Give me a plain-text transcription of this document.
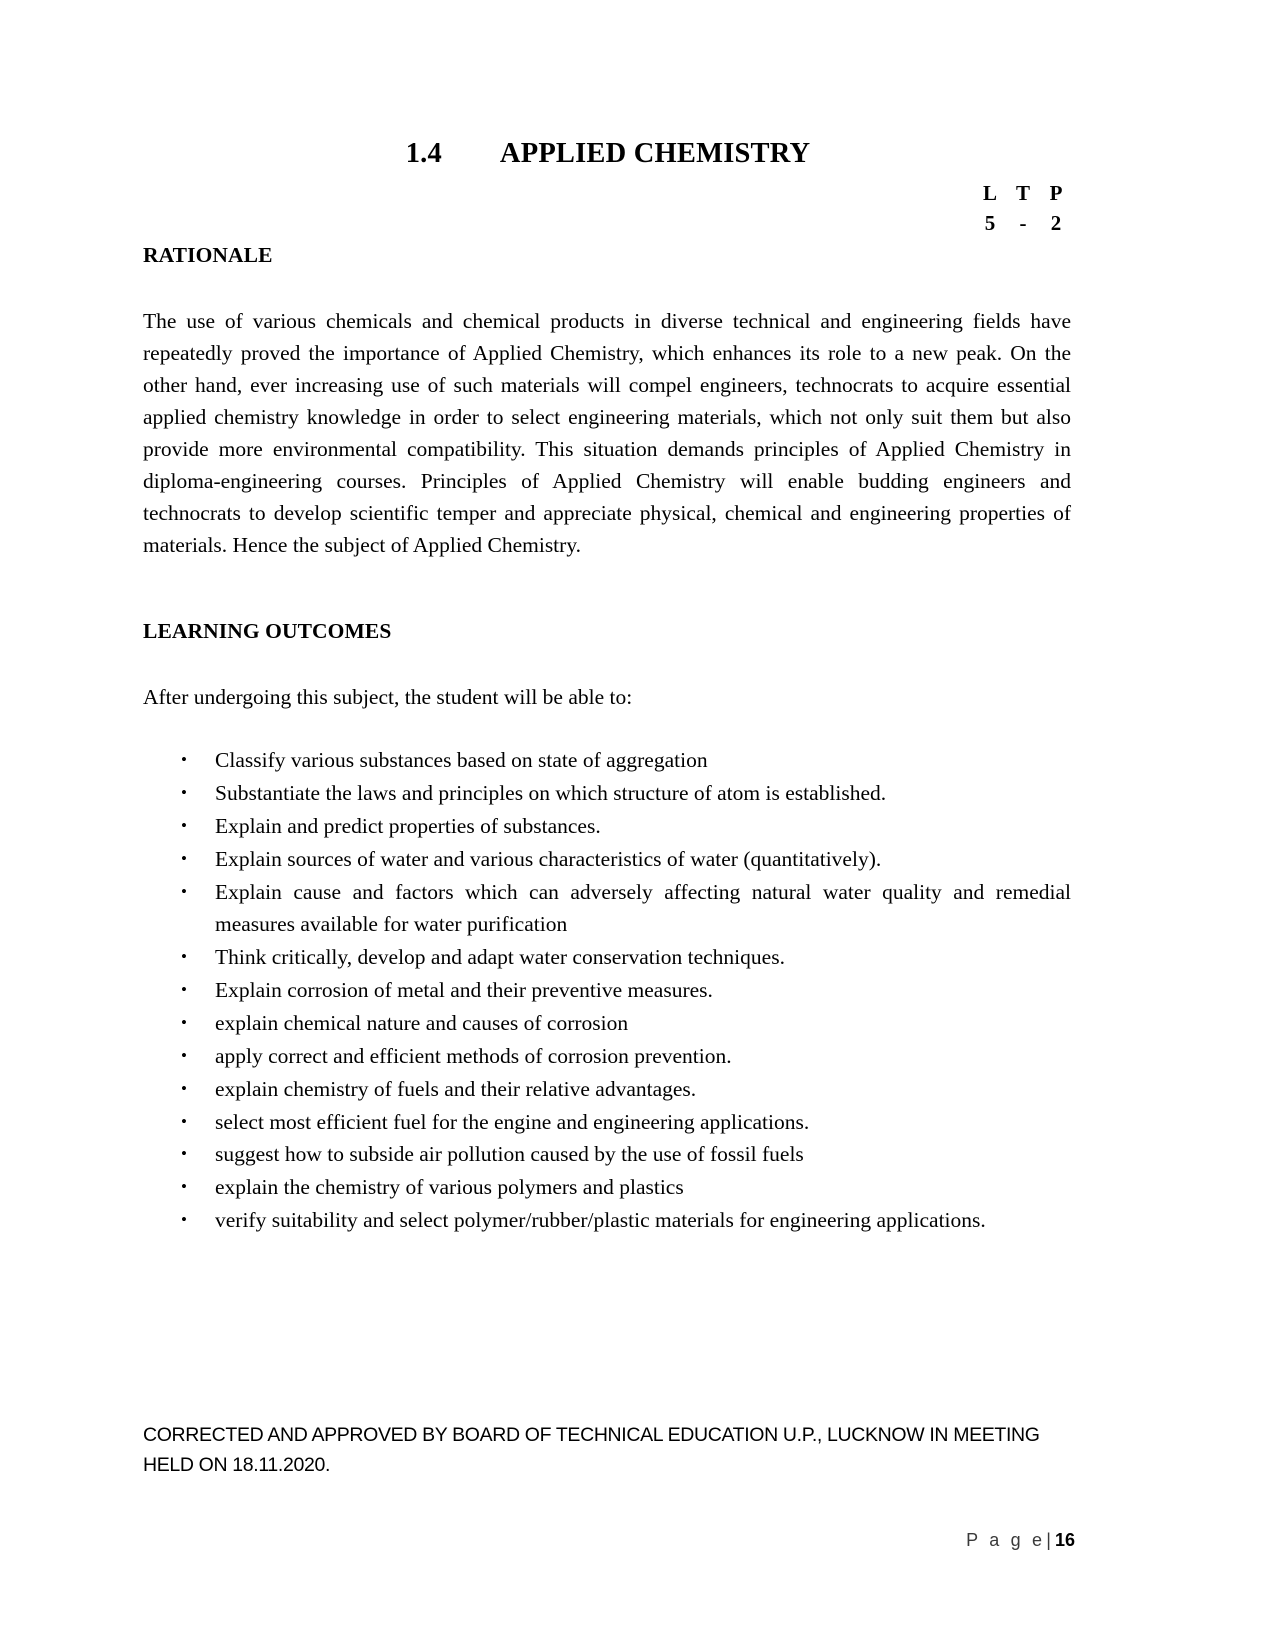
1.4 APPLIED CHEMISTRY
L T P
5	-	2
RATIONALE
The use of various chemicals and chemical products in diverse technical and engineering fields have repeatedly proved the importance of Applied Chemistry, which enhances its role to a new peak. On the other hand, ever increasing use of such materials will compel engineers, technocrats to acquire essential applied chemistry knowledge in order to select engineering materials, which not only suit them but also provide more environmental compatibility. This situation demands principles of Applied Chemistry in diploma-engineering courses. Principles of Applied Chemistry will enable budding engineers and technocrats to develop scientific temper and appreciate physical, chemical and engineering properties of materials. Hence the subject of Applied Chemistry.
LEARNING OUTCOMES
After undergoing this subject, the student will be able to:
• Classify various substances based on state of aggregation
• Substantiate the laws and principles on which structure of atom is established.
• Explain and predict properties of substances.
• Explain sources of water and various characteristics of water (quantitatively).
• Explain cause and factors which can adversely affecting natural water quality and remedial measures available for water purification
• Think critically, develop and adapt water conservation techniques.
• Explain corrosion of metal and their preventive measures.
• explain chemical nature and causes of corrosion
• apply correct and efficient methods of corrosion prevention.
• explain chemistry of fuels and their relative advantages.
• select most efficient fuel for the engine and engineering applications.
• suggest how to subside air pollution caused by the use of fossil fuels
• explain the chemistry of various polymers and plastics
• verify suitability and select polymer/rubber/plastic materials for engineering applications.
CORRECTED AND APPROVED BY BOARD OF TECHNICAL EDUCATION U.P., LUCKNOW IN MEETING
HELD ON 18.11.2020.
P a g e| 16
